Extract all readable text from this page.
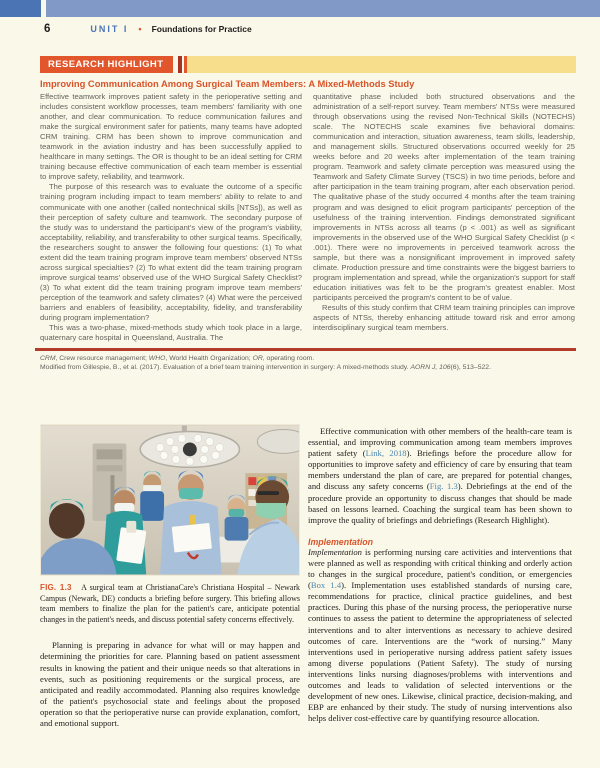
6	UNIT I • Foundations for Practice
RESEARCH HIGHLIGHT
Improving Communication Among Surgical Team Members: A Mixed-Methods Study

Effective teamwork improves patient safety in the perioperative setting and includes consistent workflow processes, team members' familiarity with one another, and clear communication. To reduce communication failures and make the surgical environment safer for patients, many teams have adopted CRM training. CRM has been shown to improve communication and teamwork in the aviation industry and has been successfully applied to healthcare in many settings. The OR is thought to be an ideal setting for CRM training because effective communication of each team member is essential to improve safety, reliability, and teamwork.

The purpose of this research was to evaluate the outcome of a specific training program including impact to team members' ability to relate to and communicate with one another (called nontechnical skills [NTSs]), as well as their perception of safety culture and teamwork. The secondary purpose of the study was to understand the participant's view of the program's viability, acceptability, reliability, and transferability to other surgical teams. Specifically, the researchers sought to answer the following four questions: (1) To what extent did the team training program improve team members' observed NTSs across surgical specialties? (2) To what extent did the team training program improve surgical teams' observed use of the WHO Surgical Safety Checklist? (3) To what extent did the team training program improve team members' perception of the teamwork and safety climates? (4) What were the perceived barriers and enablers of feasibility, acceptability, fidelity, and transferability during program implementation?

This was a two-phase, mixed-methods study which took place in a large, quaternary care hospital in Queensland, Australia. The

quantitative phase included both structured observations and the administration of a self-report survey. Team members' NTSs were measured through observations using the revised Non-Technical Skills (NOTECHS) scale. The NOTECHS scale examines five behavioral domains: communication and interaction, situation awareness, team skills, leadership, and management skills. Structured observations occurred weekly for 25 weeks before and 20 weeks after implementation of the team training program. Teamwork and safety climate perception was measured using the Teamwork and Safety Climate Survey (TSCS) in two time periods, before and after participation in the team training program, after each observation period. The qualitative phase of the study occurred 4 months after the team training program and was designed to elicit program participants' perception of the usefulness of the training intervention. Findings demonstrated significant improvements in NTSs across all teams (p < .001) as well as significant improvements in the observed use of the WHO Surgical Safety Checklist (p < .001). There were no improvements in perceived teamwork across the sample, but there was a nonsignificant improvement in improved safety climate. Production pressure and time constraints were the biggest barriers to program implementation and spread, while the organization's support for staff education initiatives was felt to be the program's greatest enabler. Most participants perceived the program's content to be of value.

Results of this study confirm that CRM team training principles can improve aspects of NTSs, thereby enhancing attitude toward risk and error among interdisciplinary surgical team members.

CRM, Crew resource management; WHO, World Health Organization; OR, operating room.
Modified from Gillespie, B., et al. (2017). Evaluation of a brief team training intervention in surgery: A mixed-methods study. AORN J, 106(6), 513–522.
FIG. 1.3 A surgical team at ChristianaCare's Christiana Hospital – Newark Campus (Newark, DE) conducts a briefing before surgery. This briefing allows team members to finalize the plan for the patient's care, anticipate potential changes in the patient's needs, and discuss potential safety concerns effectively.

Planning is preparing in advance for what will or may happen and determining the priorities for care. Planning based on patient assessment results in knowing the patient and their unique needs so that alterations in events, such as positioning requirements or the surgical process, are anticipated and readily accommodated. Planning also requires knowledge of the patient's psychosocial state and feelings about the proposed operation so that the perioperative nurse can provide explanation, comfort, and emotional support.

Effective communication with other members of the health-care team is essential, and improving communication among team members improves patient safety (Link, 2018). Briefings before the procedure allow for opportunities to improve safety and efficiency of care by ensuring that team members understand the plan of care, are prepared for potential changes, and discuss any safety concerns (Fig. 1.3). Debriefings at the end of the procedure provide an opportunity to discuss changes that should be made based on lessons learned. Coaching the surgical team has been shown to improve the quality of briefings and debriefings (Research Highlight).

Implementation

Implementation is performing nursing care activities and interventions that were planned as well as responding with critical thinking and orderly action to changes in the surgical procedure, patient's condition, or emergencies (Box 1.4). Implementation uses established standards of nursing care, recommendations for practice, clinical practice guidelines, and best practices. During this phase of the nursing process, the perioperative nurse continues to assess the patient to determine the appropriateness of selected interventions and to alter interventions as necessary to achieve desired outcomes of care. Interventions are the “work of nursing.” Many interventions used in perioperative nursing address patient safety issues among diverse populations (Patient Safety). The study of nursing interventions links nursing diagnoses/problems with interventions and outcomes and leads to validation of selected interventions or the development of new ones. Likewise, clinical practice, decision-making, and EBP are enhanced by their study. The study of nursing interventions also helps deliver cost-effective care by quantifying resource allocation.
